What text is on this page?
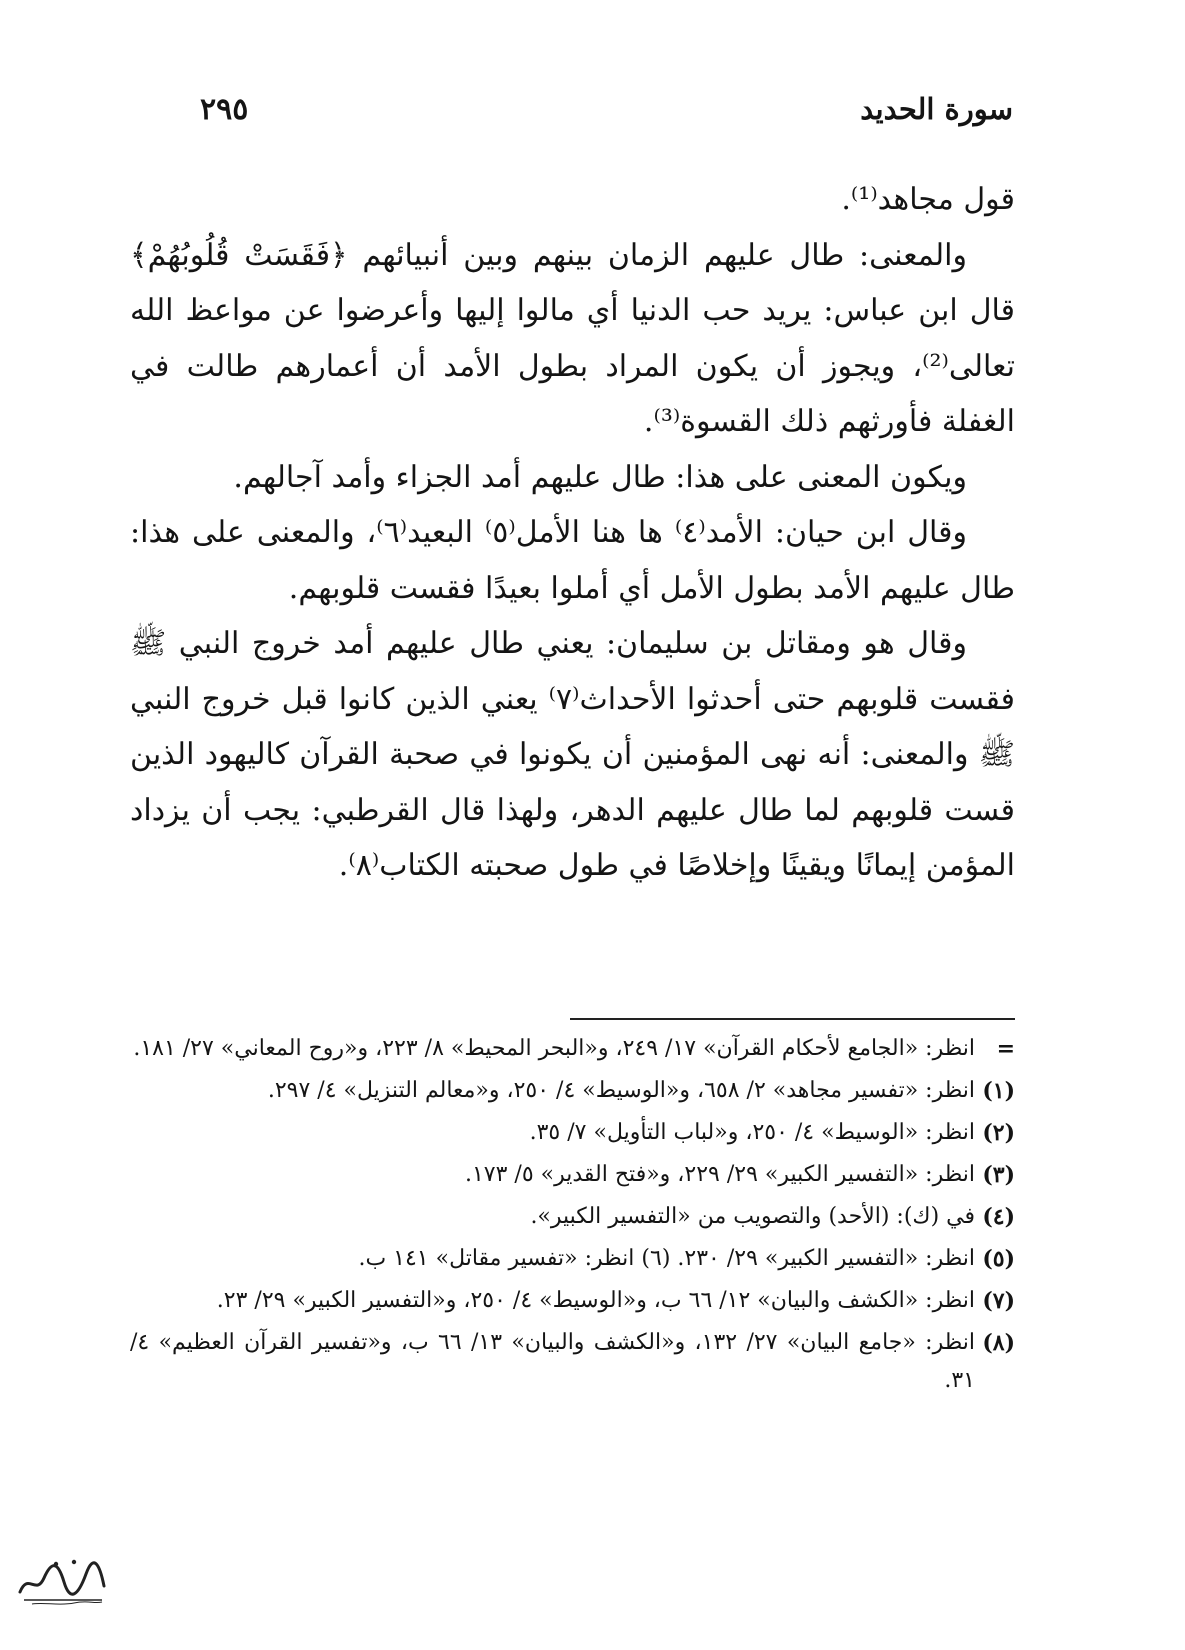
سورة الحديد
٢٩٥

قول مجاهد⁽¹⁾.

والمعنى: طال عليهم الزمان بينهم وبين أنبيائهم ﴿فَقَسَتْ قُلُوبُهُمْ﴾ قال ابن عباس: يريد حب الدنيا أي مالوا إليها وأعرضوا عن مواعظ الله تعالى⁽²⁾، ويجوز أن يكون المراد بطول الأمد أن أعمارهم طالت في الغفلة فأورثهم ذلك القسوة⁽³⁾.

ويكون المعنى على هذا: طال عليهم أمد الجزاء وأمد آجالهم.

وقال ابن حيان: الأمد⁽٤⁾ ها هنا الأمل⁽٥⁾ البعيد⁽٦⁾، والمعنى على هذا: طال عليهم الأمد بطول الأمل أي أملوا بعيدًا فقست قلوبهم.

وقال هو ومقاتل بن سليمان: يعني طال عليهم أمد خروج النبي ﷺ فقست قلوبهم حتى أحدثوا الأحداث⁽٧⁾ يعني الذين كانوا قبل خروج النبي ﷺ والمعنى: أنه نهى المؤمنين أن يكونوا في صحبة القرآن كاليهود الذين قست قلوبهم لما طال عليهم الدهر، ولهذا قال القرطبي: يجب أن يزداد المؤمن إيمانًا ويقينًا وإخلاصًا في طول صحبته الكتاب⁽٨⁾.

=
انظر: «الجامع لأحكام القرآن» ١٧/ ٢٤٩، و«البحر المحيط» ٨/ ٢٢٣، و«روح المعاني» ٢٧/ ١٨١.
(١)
انظر: «تفسير مجاهد» ٢/ ٦٥٨، و«الوسيط» ٤/ ٢٥٠، و«معالم التنزيل» ٤/ ٢٩٧.
(٢)
انظر: «الوسيط» ٤/ ٢٥٠، و«لباب التأويل» ٧/ ٣٥.
(٣)
انظر: «التفسير الكبير» ٢٩/ ٢٢٩، و«فتح القدير» ٥/ ١٧٣.
(٤)
في (ك): (الأحد) والتصويب من «التفسير الكبير».
(٥)
انظر: «التفسير الكبير» ٢٩/ ٢٣٠. (٦) انظر: «تفسير مقاتل» ١٤١ ب.
(٧)
انظر: «الكشف والبيان» ١٢/ ٦٦ ب، و«الوسيط» ٤/ ٢٥٠، و«التفسير الكبير» ٢٩/ ٢٣.
(٨)
انظر: «جامع البيان» ٢٧/ ١٣٢، و«الكشف والبيان» ١٣/ ٦٦ ب، و«تفسير القرآن العظيم» ٤/ ٣١.
